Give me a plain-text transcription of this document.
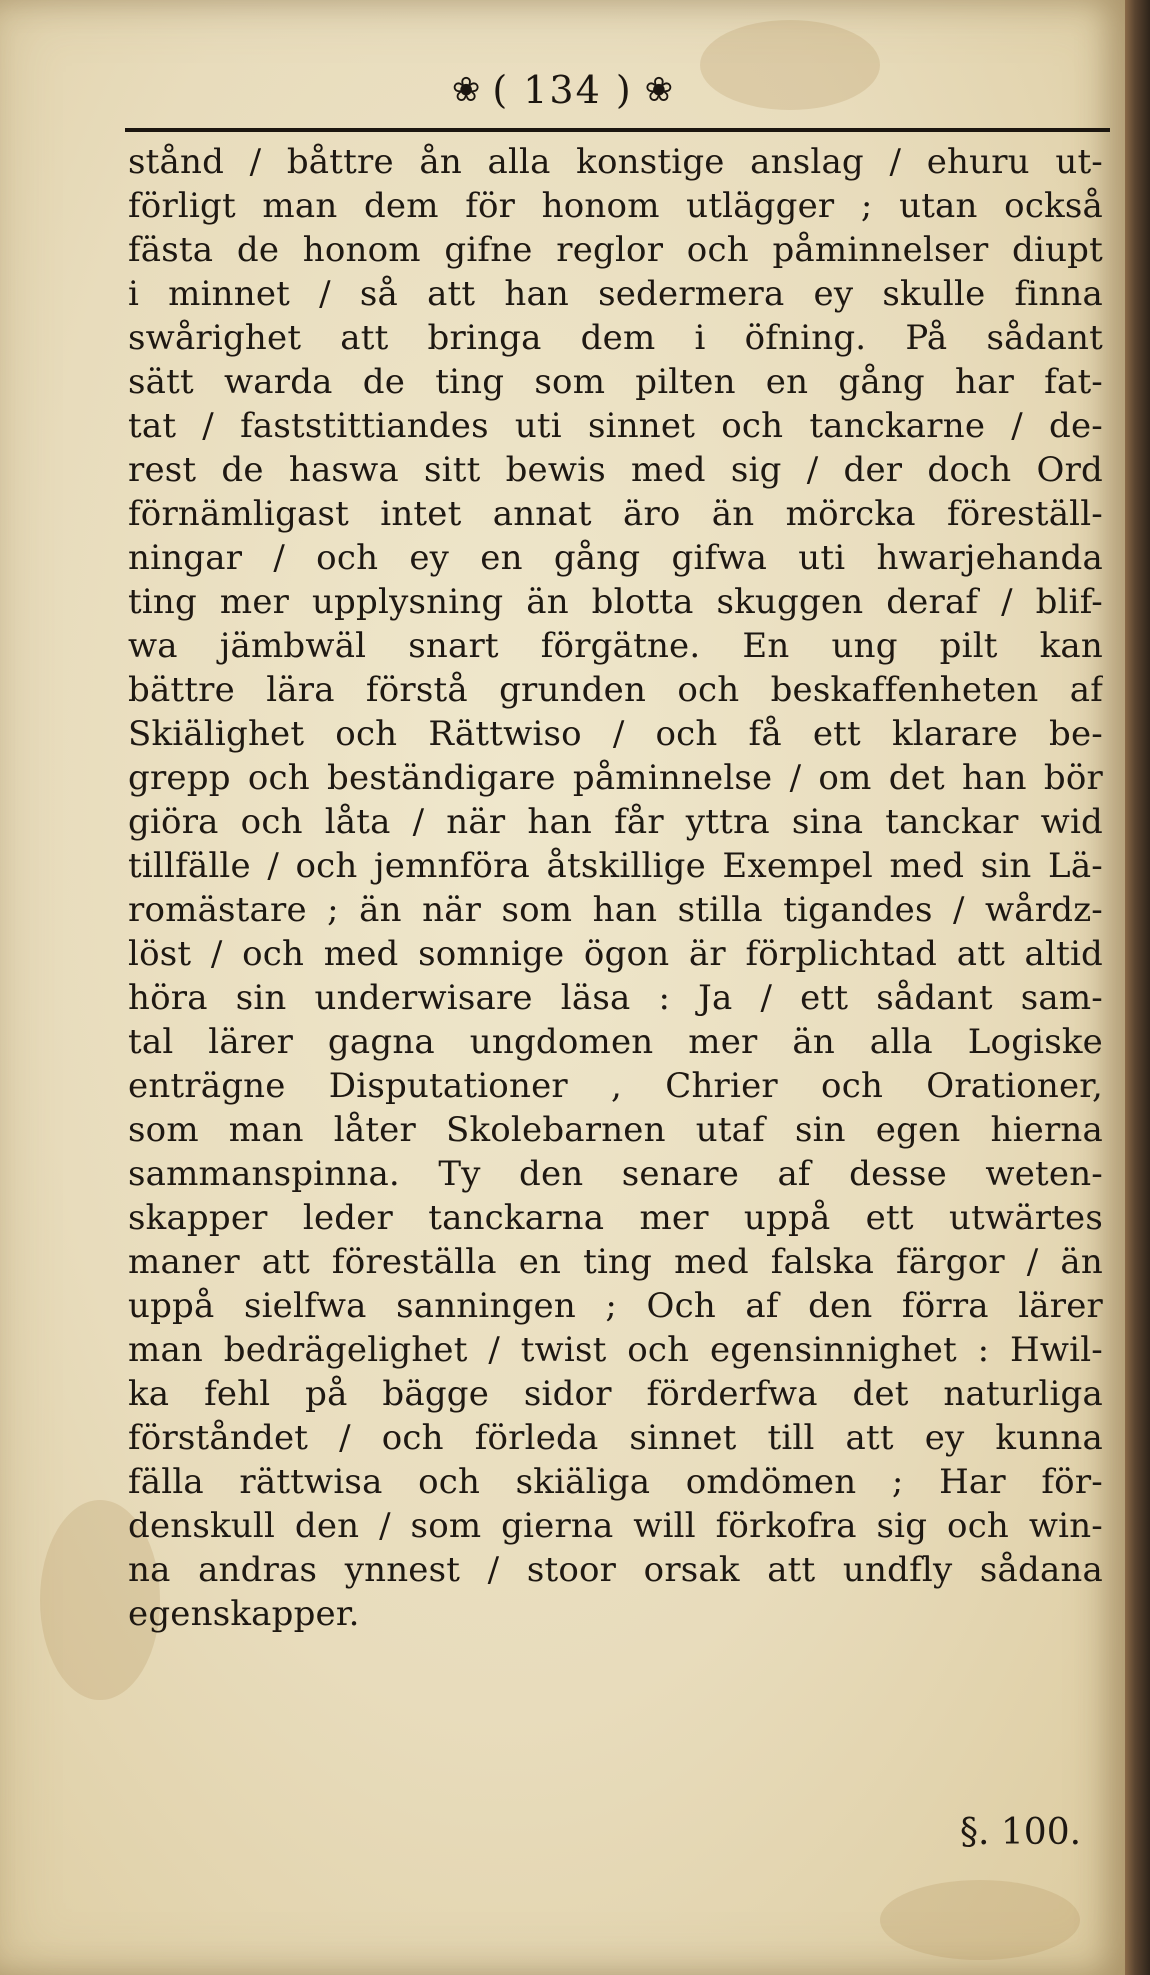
❀ ( 134 ) ❀
stånd / båttre ån alla konstige anslag / ehuru ut-
förligt man dem för honom utlägger ; utan också
fästa de honom gifne reglor och påminnelser diupt
i minnet / så att han sedermera ey skulle finna
swårighet att bringa dem i öfning. På sådant
sätt warda de ting som pilten en gång har fat-
tat / faststittiandes uti sinnet och tanckarne / de-
rest de haswa sitt bewis med sig / der doch Ord
förnämligast intet annat äro än mörcka föreställ-
ningar / och ey en gång gifwa uti hwarjehanda
ting mer upplysning än blotta skuggen deraf / blif-
wa jämbwäl snart förgätne. En ung pilt kan
bättre lära förstå grunden och beskaffenheten af
Skiälighet och Rättwiso / och få ett klarare be-
grepp och beständigare påminnelse / om det han bör
giöra och låta / när han får yttra sina tanckar wid
tillfälle / och jemnföra åtskillige Exempel med sin Lä-
romästare ; än när som han stilla tigandes / wårdz-
löst / och med somnige ögon är förplichtad att altid
höra sin underwisare läsa : Ja / ett sådant sam-
tal lärer gagna ungdomen mer än alla Logiske
enträgne Disputationer , Chrier och Orationer,
som man låter Skolebarnen utaf sin egen hierna
sammanspinna. Ty den senare af desse weten-
skapper leder tanckarna mer uppå ett utwärtes
maner att föreställa en ting med falska färgor / än
uppå sielfwa sanningen ; Och af den förra lärer
man bedrägelighet / twist och egensinnighet : Hwil-
ka fehl på bägge sidor förderfwa det naturliga
förståndet / och förleda sinnet till att ey kunna
fälla rättwisa och skiäliga omdömen ; Har för-
denskull den / som gierna will förkofra sig och win-
na andras ynnest / stoor orsak att undfly sådana
egenskapper.
§. 100.
